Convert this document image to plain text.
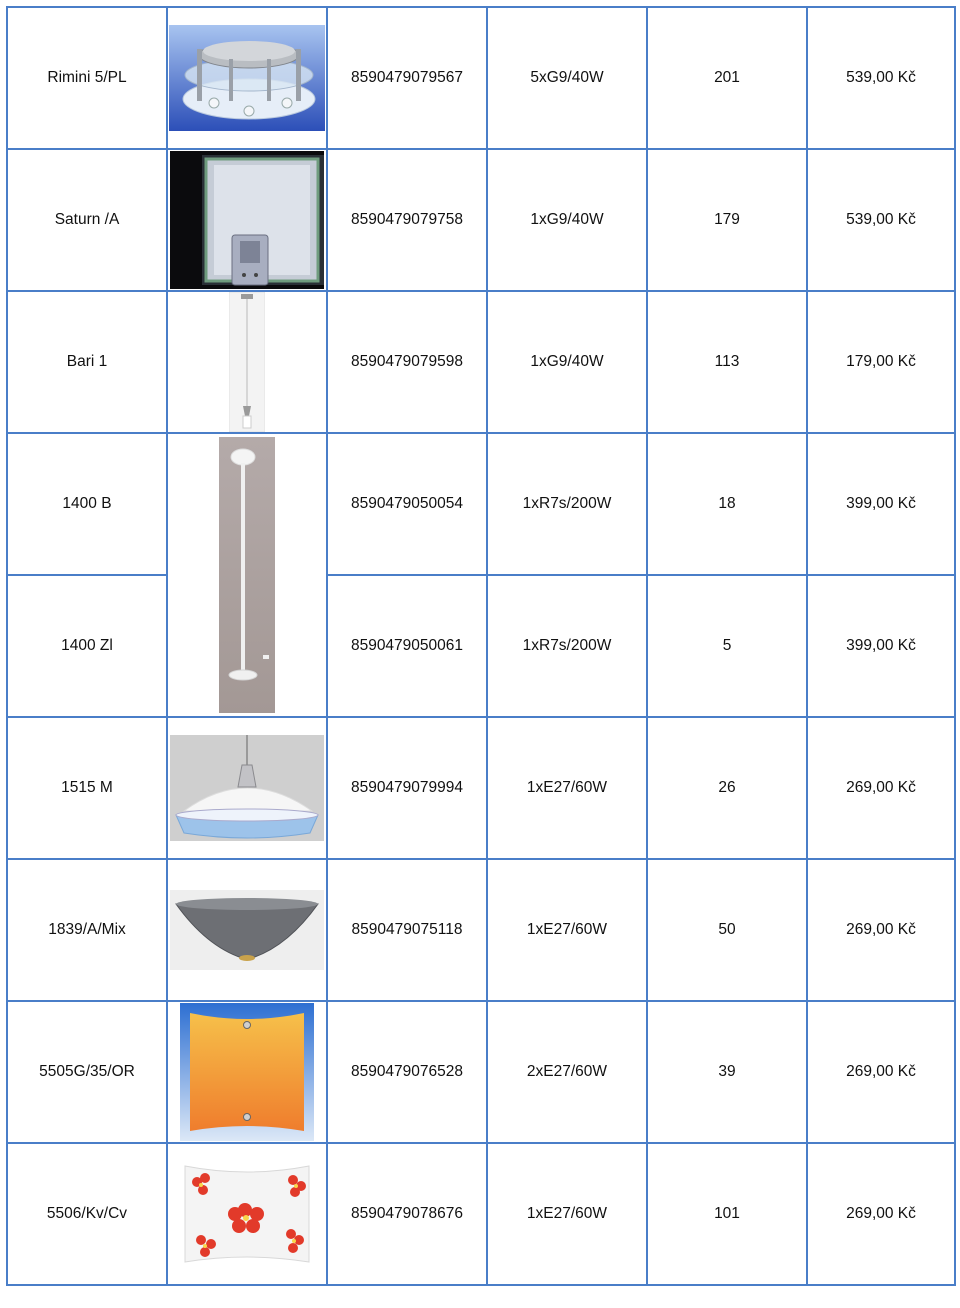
Rimini 5/PL		8590479079567	5xG9/40W	201	539,00 Kč
Saturn /A		8590479079758	1xG9/40W	179	539,00 Kč
Bari 1		8590479079598	1xG9/40W	113	179,00 Kč
1400 B		8590479050054	1xR7s/200W	18	399,00 Kč
1400 Zl		8590479050061	1xR7s/200W	5	399,00 Kč
1515 M		8590479079994	1xE27/60W	26	269,00 Kč
1839/A/Mix		8590479075118	1xE27/60W	50	269,00 Kč
5505G/35/OR		8590479076528	2xE27/60W	39	269,00 Kč
5506/Kv/Cv		8590479078676	1xE27/60W	101	269,00 Kč
